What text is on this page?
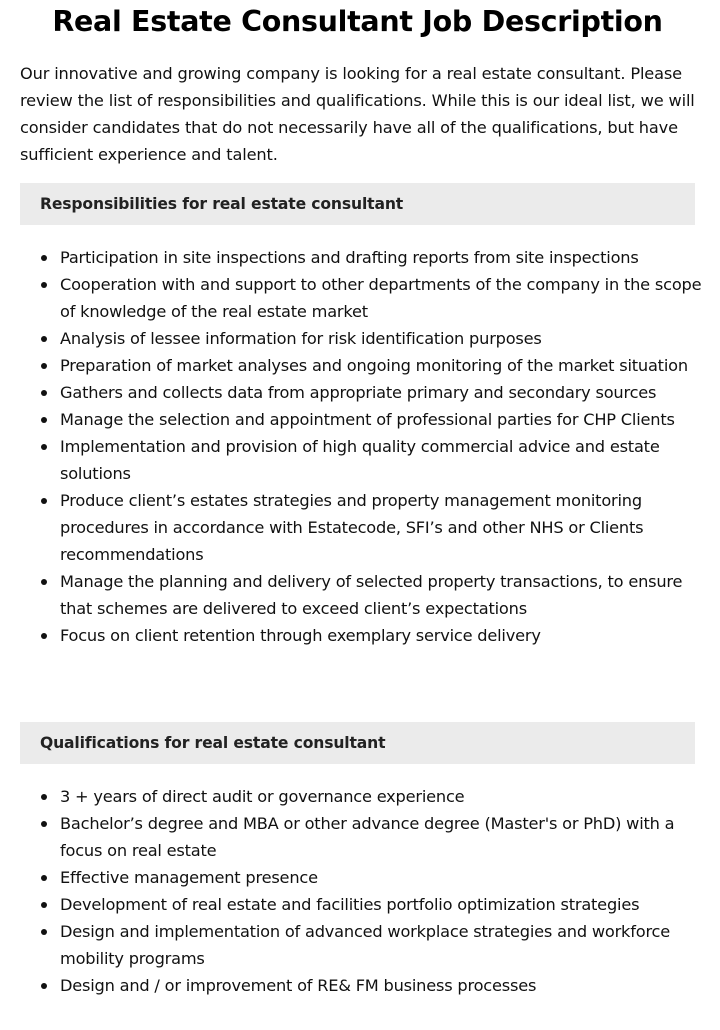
Real Estate Consultant Job Description

Our innovative and growing company is looking for a real estate consultant. Please review the list of responsibilities and qualifications. While this is our ideal list, we will consider candidates that do not necessarily have all of the qualifications, but have sufficient experience and talent.

Responsibilities for real estate consultant
Participation in site inspections and drafting reports from site inspections
Cooperation with and support to other departments of the company in the scope of knowledge of the real estate market
Analysis of lessee information for risk identification purposes
Preparation of market analyses and ongoing monitoring of the market situation
Gathers and collects data from appropriate primary and secondary sources
Manage the selection and appointment of professional parties for CHP Clients
Implementation and provision of high quality commercial advice and estate solutions
Produce client’s estates strategies and property management monitoring procedures in accordance with Estatecode, SFI’s and other NHS or Clients recommendations
Manage the planning and delivery of selected property transactions, to ensure that schemes are delivered to exceed client’s expectations
Focus on client retention through exemplary service delivery
Qualifications for real estate consultant
3 + years of direct audit or governance experience
Bachelor’s degree and MBA or other advance degree (Master's or PhD) with a focus on real estate
Effective management presence
Development of real estate and facilities portfolio optimization strategies
Design and implementation of advanced workplace strategies and workforce mobility programs
Design and / or improvement of RE& FM business processes
